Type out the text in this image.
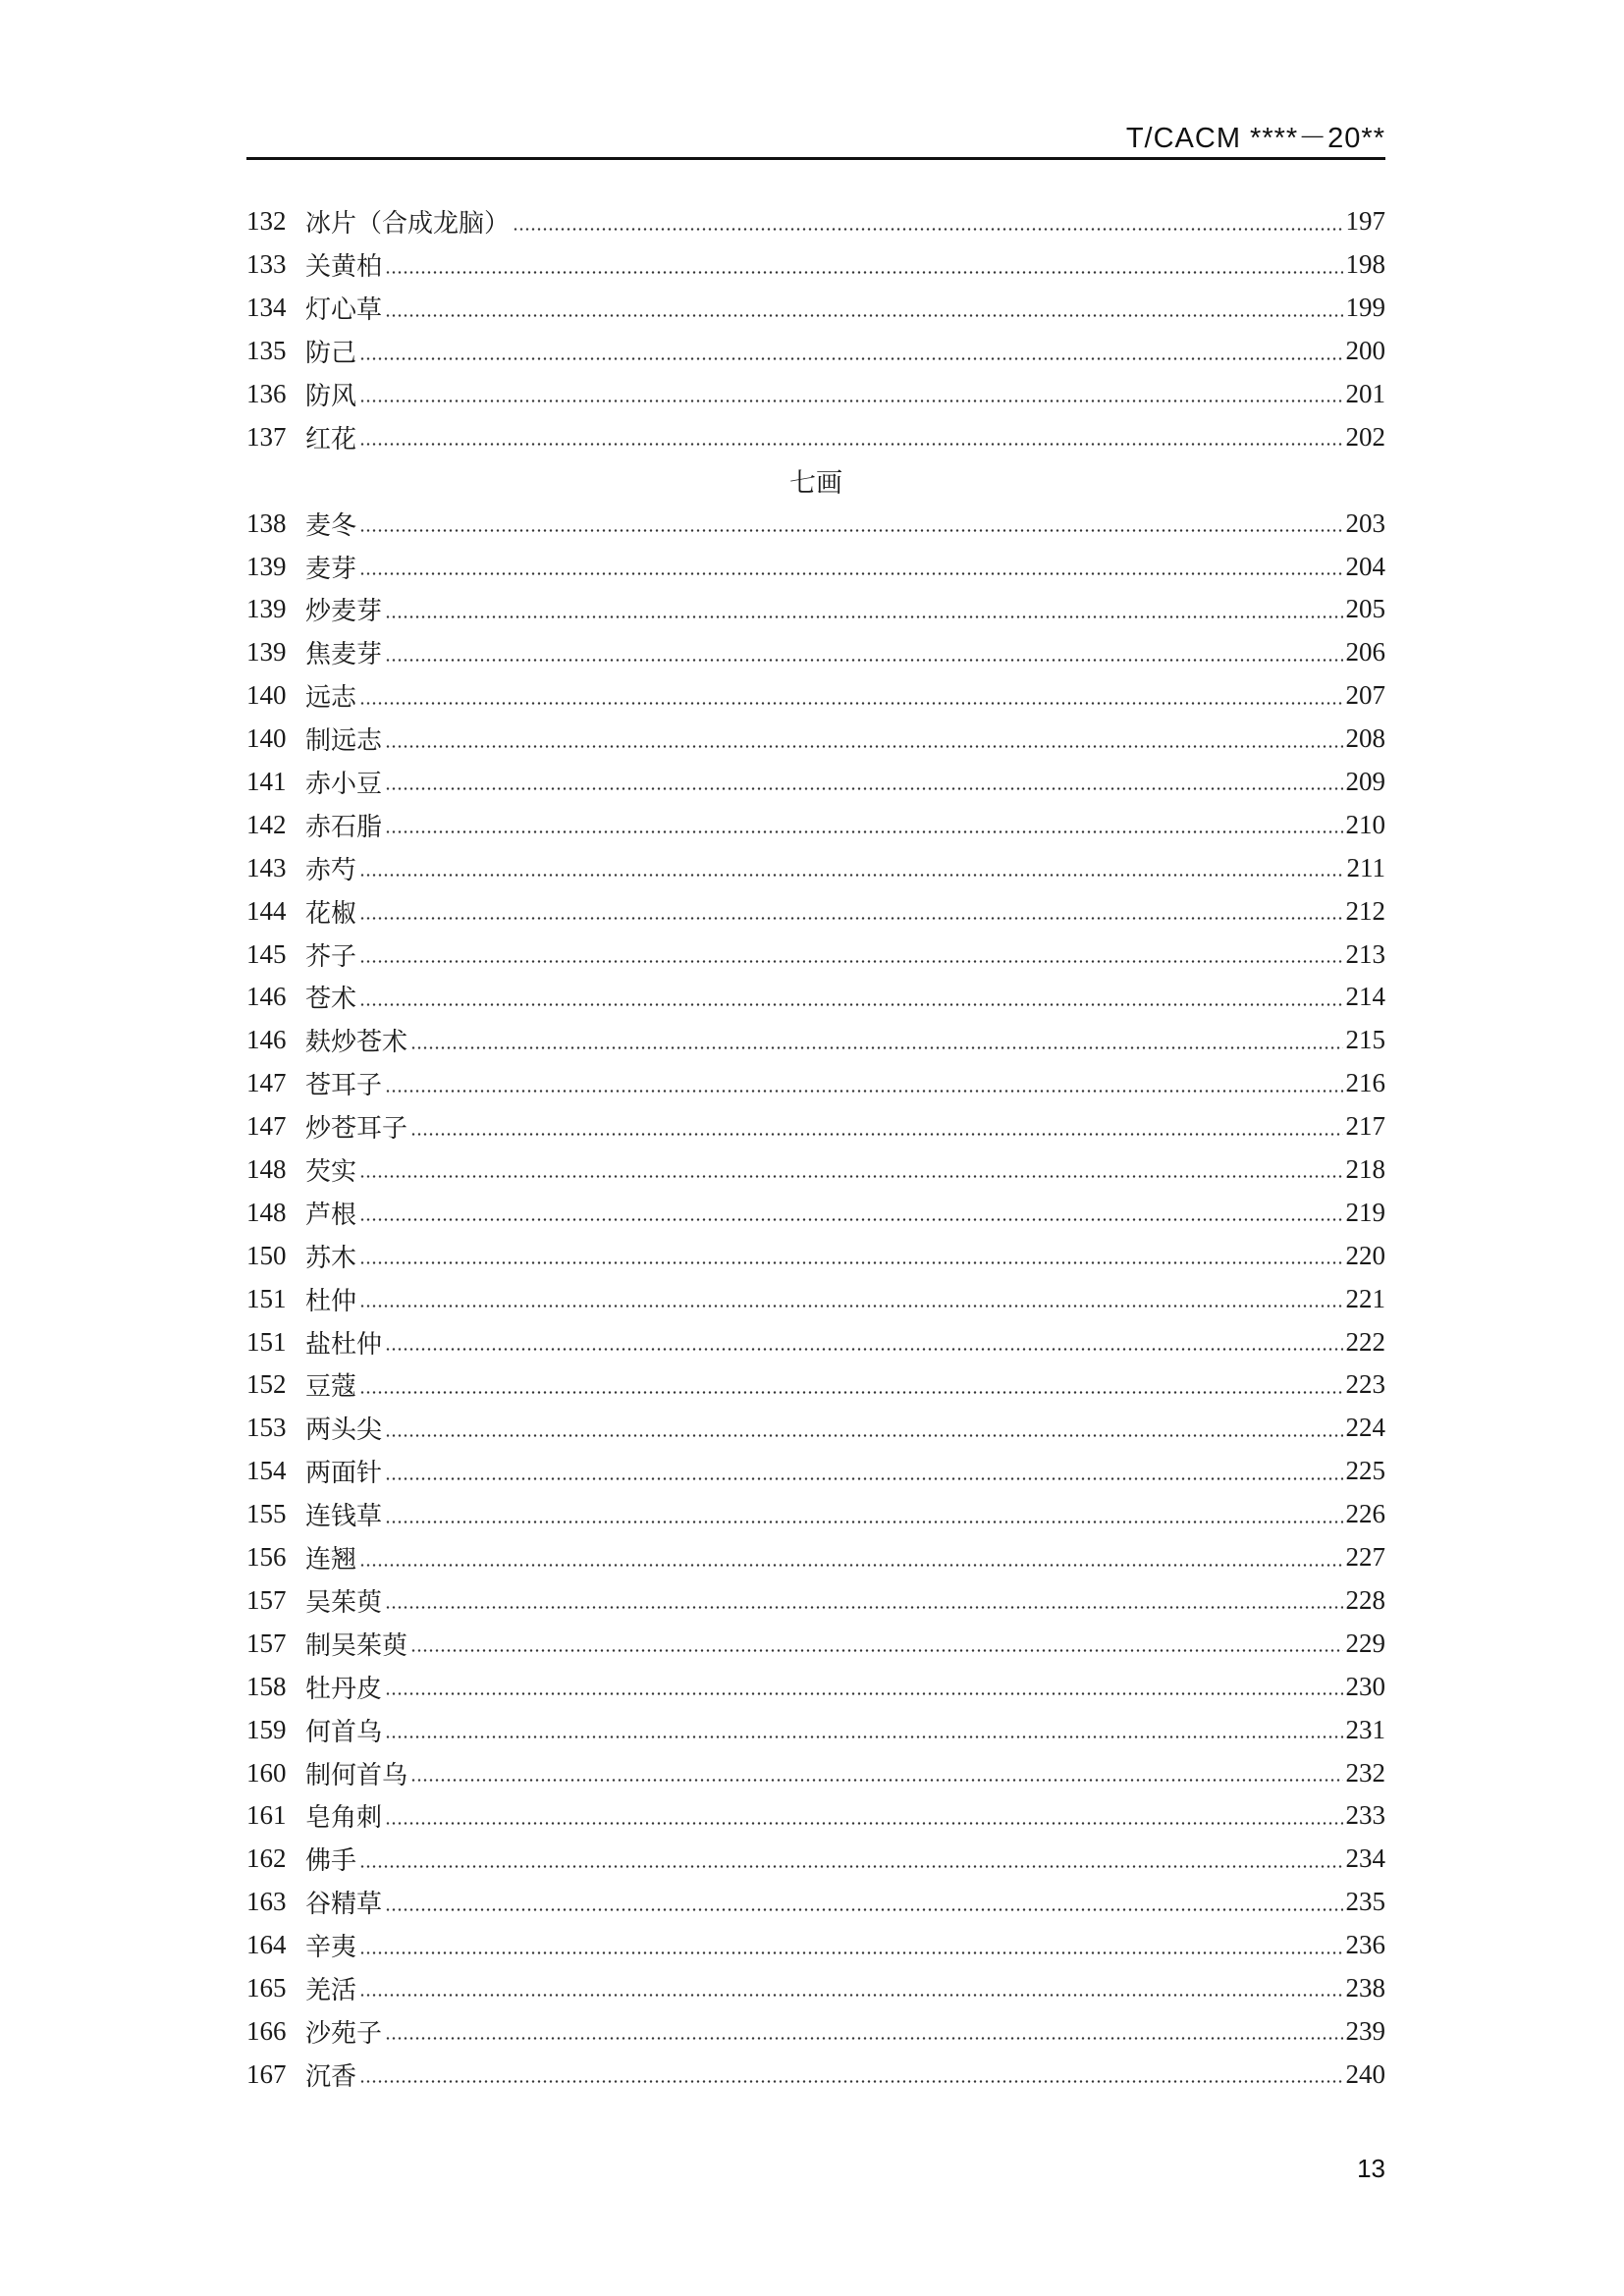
T/CACM ****－20**
132 冰片（合成龙脑）	197
133 关黄柏	198
134 灯心草	199
135 防己	200
136 防风	201
137 红花	202
七画
138 麦冬	203
139 麦芽	204
139 炒麦芽	205
139 焦麦芽	206
140 远志	207
140 制远志	208
141 赤小豆	209
142 赤石脂	210
143 赤芍	211
144 花椒	212
145 芥子	213
146 苍术	214
146 麸炒苍术	215
147 苍耳子	216
147 炒苍耳子	217
148 芡实	218
148 芦根	219
150 苏木	220
151 杜仲	221
151 盐杜仲	222
152 豆蔻	223
153 两头尖	224
154 两面针	225
155 连钱草	226
156 连翘	227
157 吴茱萸	228
157 制吴茱萸	229
158 牡丹皮	230
159 何首乌	231
160 制何首乌	232
161 皂角刺	233
162 佛手	234
163 谷精草	235
164 辛夷	236
165 羌活	238
166 沙苑子	239
167 沉香	240
13
